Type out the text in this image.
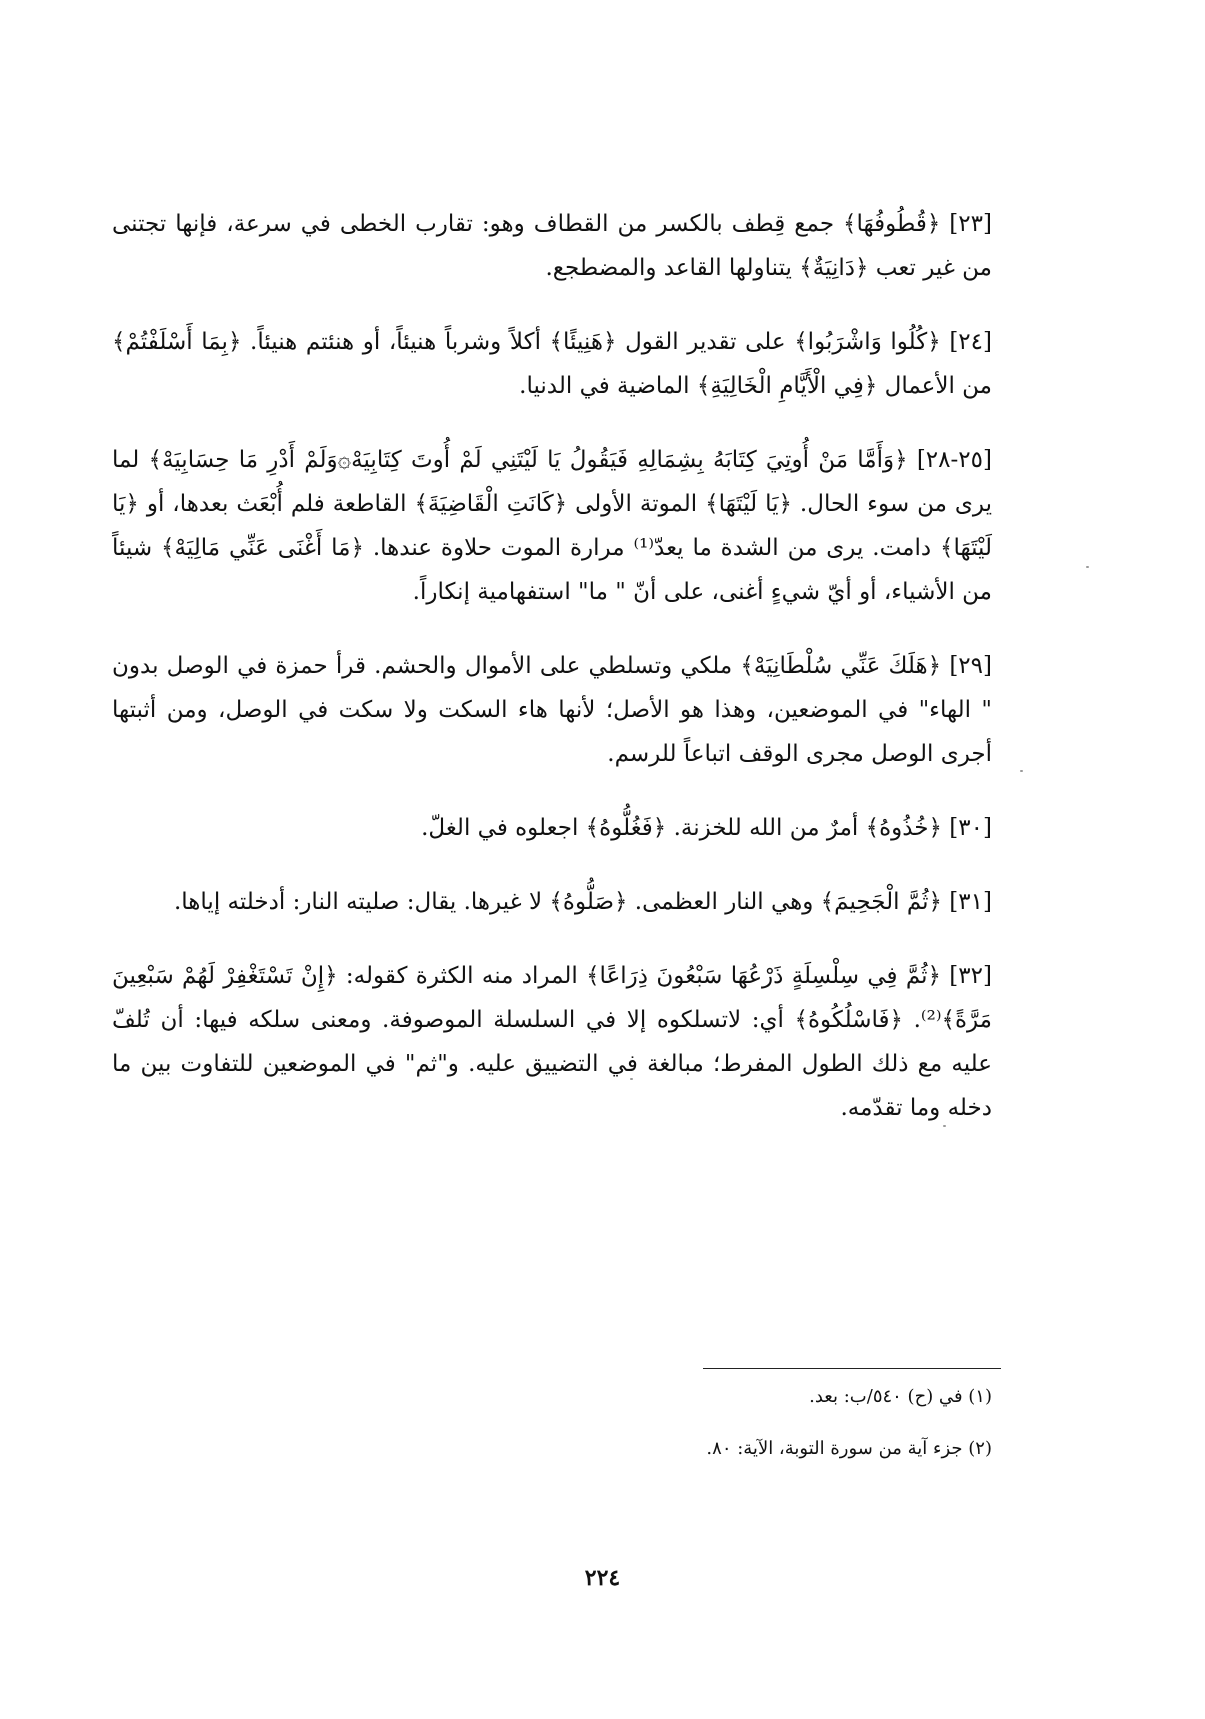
[٢٣] ﴿قُطُوفُهَا﴾ جمع قِطف بالكسر من القطاف وهو: تقارب الخطى في سرعة، فإنها تجتنى من غير تعب ﴿دَانِيَةٌ﴾ يتناولها القاعد والمضطجع.

[٢٤] ﴿كُلُوا وَاشْرَبُوا﴾ على تقدير القول ﴿هَنِيئًا﴾ أكلاً وشرباً هنيئاً، أو هنئتم هنيئاً. ﴿بِمَا أَسْلَفْتُمْ﴾ من الأعمال ﴿فِي الْأَيَّامِ الْخَالِيَةِ﴾ الماضية في الدنيا.

[٢٥-٢٨] ﴿وَأَمَّا مَنْ أُوتِيَ كِتَابَهُ بِشِمَالِهِ فَيَقُولُ يَا لَيْتَنِي لَمْ أُوتَ كِتَابِيَهْ۞وَلَمْ أَدْرِ مَا حِسَابِيَهْ﴾ لما يرى من سوء الحال. ﴿يَا لَيْتَهَا﴾ الموتة الأولى ﴿كَانَتِ الْقَاضِيَةَ﴾ القاطعة فلم أُبْعَث بعدها، أو ﴿يَا لَيْتَهَا﴾ دامت. يرى من الشدة ما يعدّ⁽¹⁾ مرارة الموت حلاوة عندها. ﴿مَا أَغْنَى عَنِّي مَالِيَهْ﴾ شيئاً من الأشياء، أو أيّ شيءٍ أغنى، على أنّ " ما" استفهامية إنكاراً.

[٢٩] ﴿هَلَكَ عَنِّي سُلْطَانِيَهْ﴾ ملكي وتسلطي على الأموال والحشم. قرأ حمزة في الوصل بدون " الهاء" في الموضعين، وهذا هو الأصل؛ لأنها هاء السكت ولا سكت في الوصل، ومن أثبتها أجرى الوصل مجرى الوقف اتباعاً للرسم.

[٣٠] ﴿خُذُوهُ﴾ أمرٌ من الله للخزنة. ﴿فَغُلُّوهُ﴾ اجعلوه في الغلّ.

[٣١] ﴿ثُمَّ الْجَحِيمَ﴾ وهي النار العظمى. ﴿صَلُّوهُ﴾ لا غيرها. يقال: صليته النار: أدخلته إياها.

[٣٢] ﴿ثُمَّ فِي سِلْسِلَةٍ ذَرْعُهَا سَبْعُونَ ذِرَاعًا﴾ المراد منه الكثرة كقوله: ﴿إِنْ تَسْتَغْفِرْ لَهُمْ سَبْعِينَ مَرَّةً﴾⁽²⁾. ﴿فَاسْلُكُوهُ﴾ أي: لاتسلكوه إلا في السلسلة الموصوفة. ومعنى سلكه فيها: أن تُلفّ عليه مع ذلك الطول المفرط؛ مبالغة في التضييق عليه. و"ثم" في الموضعين للتفاوت بين ما دخله وما تقدّمه.

(١) في (ح) ٥٤٠/ب: بعد.

(٢) جزء آية من سورة التوبة، الآية: ٨٠.

٢٢٤
